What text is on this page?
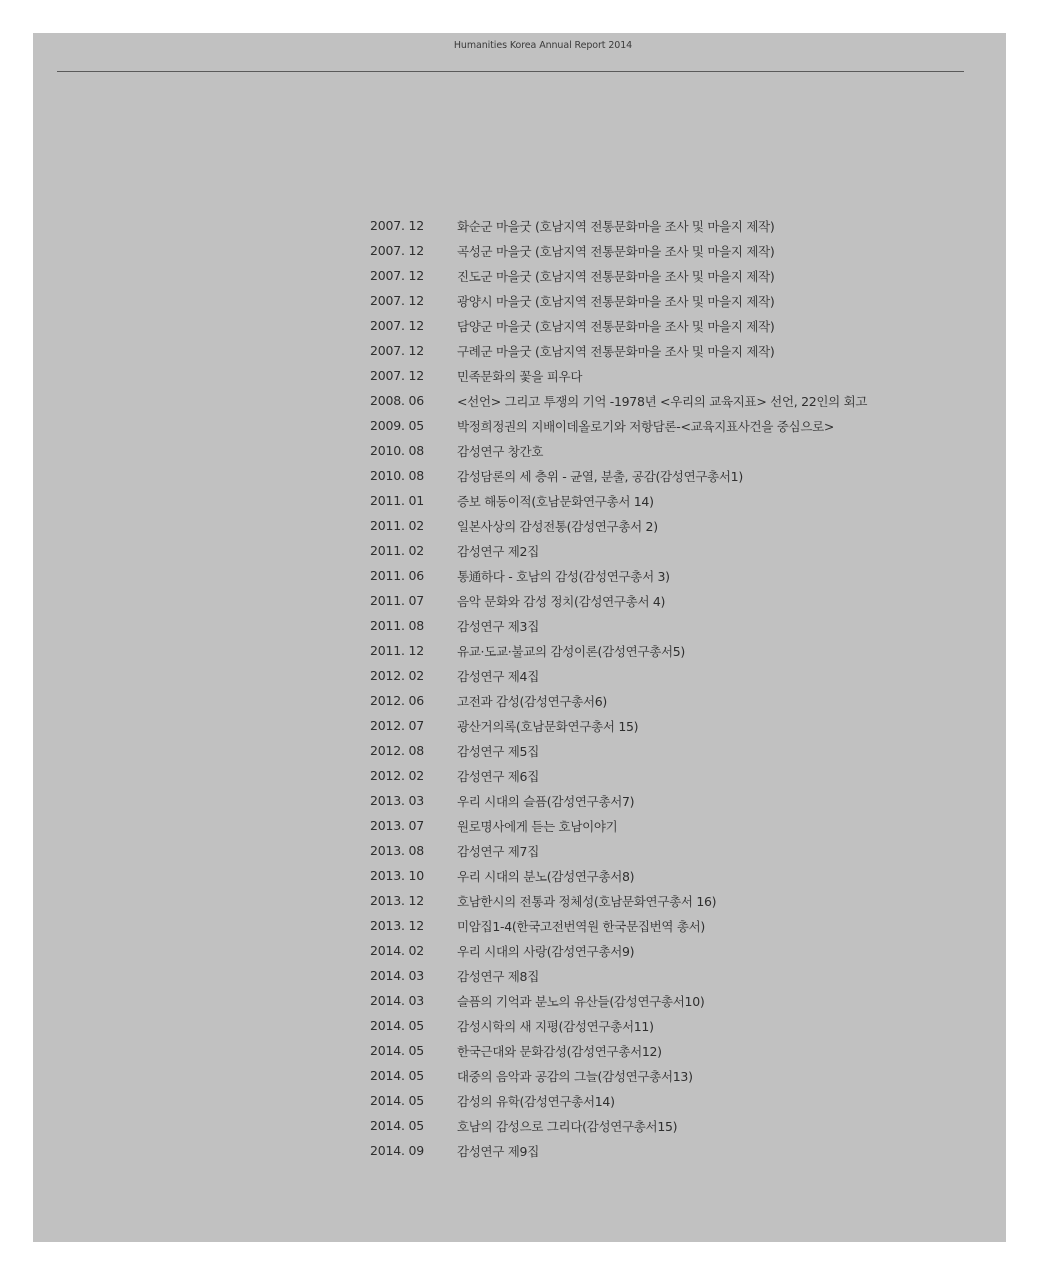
Humanities Korea Annual Report 2014
2007. 12	화순군 마을굿 (호남지역 전통문화마을 조사 및 마을지 제작)
2007. 12	곡성군 마을굿 (호남지역 전통문화마을 조사 및 마을지 제작)
2007. 12	진도군 마을굿 (호남지역 전통문화마을 조사 및 마을지 제작)
2007. 12	광양시 마을굿 (호남지역 전통문화마을 조사 및 마을지 제작)
2007. 12	담양군 마을굿 (호남지역 전통문화마을 조사 및 마을지 제작)
2007. 12	구례군 마을굿 (호남지역 전통문화마을 조사 및 마을지 제작)
2007. 12	민족문화의 꽃을 피우다
2008. 06	<선언> 그리고 투쟁의 기억 -1978년 <우리의 교육지표> 선언, 22인의 회고
2009. 05	박정희정권의 지배이데올로기와 저항담론-<교육지표사건을 중심으로>
2010. 08	감성연구 창간호
2010. 08	감성담론의 세 층위 - 균열, 분출, 공감(감성연구총서1)
2011. 01	증보 해동이적(호남문화연구총서 14)
2011. 02	일본사상의 감성전통(감성연구총서 2)
2011. 02	감성연구 제2집
2011. 06	통通하다 - 호남의 감성(감성연구총서 3)
2011. 07	음악 문화와 감성 정치(감성연구총서 4)
2011. 08	감성연구 제3집
2011. 12	유교·도교·불교의 감성이론(감성연구총서5)
2012. 02	감성연구 제4집
2012. 06	고전과 감성(감성연구총서6)
2012. 07	광산거의록(호남문화연구총서 15)
2012. 08	감성연구 제5집
2012. 02	감성연구 제6집
2013. 03	우리 시대의 슬픔(감성연구총서7)
2013. 07	원로명사에게 듣는 호남이야기
2013. 08	감성연구 제7집
2013. 10	우리 시대의 분노(감성연구총서8)
2013. 12	호남한시의 전통과 정체성(호남문화연구총서 16)
2013. 12	미암집1-4(한국고전번역원 한국문집번역 총서)
2014. 02	우리 시대의 사랑(감성연구총서9)
2014. 03	감성연구 제8집
2014. 03	슬픔의 기억과 분노의 유산들(감성연구총서10)
2014. 05	감성시학의 새 지평(감성연구총서11)
2014. 05	한국근대와 문화감성(감성연구총서12)
2014. 05	대중의 음악과 공감의 그늘(감성연구총서13)
2014. 05	감성의 유학(감성연구총서14)
2014. 05	호남의 감성으로 그리다(감성연구총서15)
2014. 09	감성연구 제9집
